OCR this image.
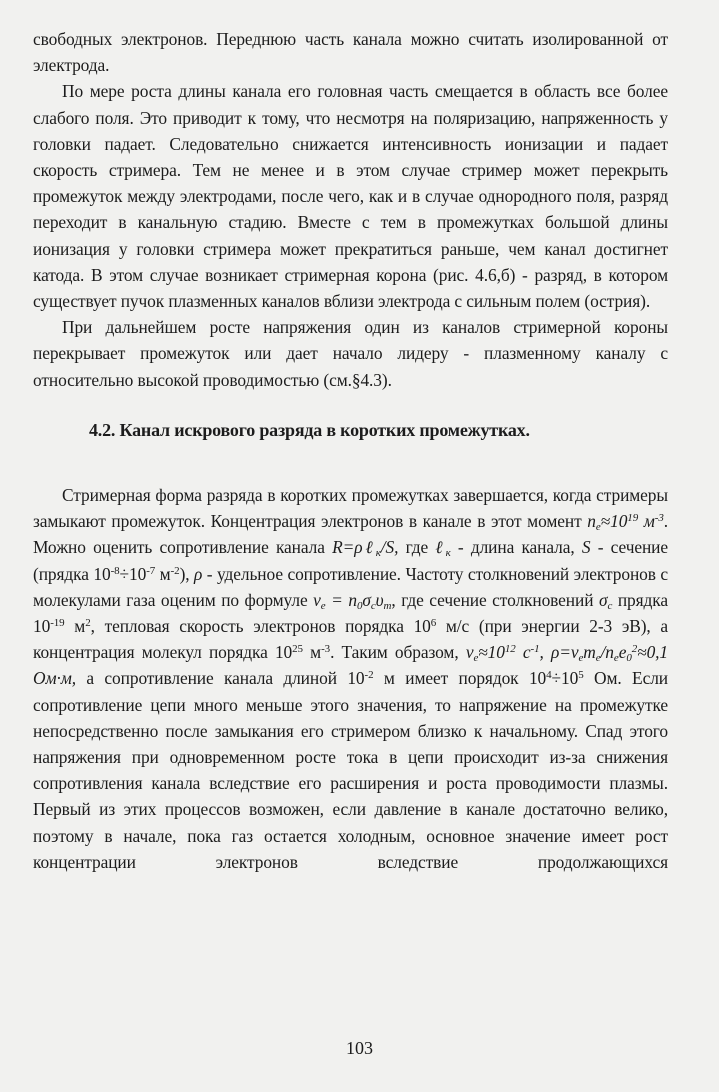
свободных электронов. Переднюю часть канала можно считать изолированной от электрода.

По мере роста длины канала его головная часть смещается в область все более слабого поля. Это приводит к тому, что несмотря на поляризацию, напряженность у головки падает. Следовательно снижается интенсивность ионизации и падает скорость стримера. Тем не менее и в этом случае стример может перекрыть промежуток между электродами, после чего, как и в случае однородного поля, разряд переходит в канальную стадию. Вместе с тем в промежутках большой длины ионизация у головки стримера может прекратиться раньше, чем канал достигнет катода. В этом случае возникает стримерная корона (рис. 4.6,б) - разряд, в котором существует пучок плазменных каналов вблизи электрода с сильным полем (острия).

При дальнейшем росте напряжения один из каналов стримерной короны перекрывает промежуток или дает начало лидеру - плазменному каналу с относительно высокой проводимостью (см.§4.3).

4.2. Канал искрового разряда в коротких промежутках.

Стримерная форма разряда в коротких промежутках завершается, когда стримеры замыкают промежуток. Концентрация электронов в канале в этот момент $n_e\approx 10^{19}$ $м^{-3}$. Можно оценить сопротивление канала R=ρℓ$_к$/S, где ℓ$_к$ - длина канала, S - сечение (прядка $10^{-8}\div 10^{-7}$ $м^{-2}$), ρ - удельное сопротивление. Частоту столкновений электронов с молекулами газа оценим по формуле $\nu_e = n_0\sigma_c\upsilon_т$, где сечение столкновений $\sigma_c$ прядка $10^{-19}$ $м^2$, тепловая скорость электронов порядка $10^6$ м/с (при энергии 2-3 эВ), а концентрация молекул порядка $10^{25}$ $м^{-3}$. Таким образом, $\nu_e\approx 10^{12}$ $c^{-1}$, $\rho=\nu_em_e/n_ee_0^2\approx 0,1$ Ом·м, а сопротивление канала длиной $10^{-2}$ м имеет порядок $10^4\div 10^5$ Ом. Если сопротивление цепи много меньше этого значения, то напряжение на промежутке непосредственно после замыкания его стримером близко к начальному. Спад этого напряжения при одновременном росте тока в цепи происходит из-за снижения сопротивления канала вследствие его расширения и роста проводимости плазмы. Первый из этих процессов возможен, если давление в канале достаточно велико, поэтому в начале, пока газ остается холодным, основное значение имеет рост концентрации электронов вследствие продолжающихся

103
